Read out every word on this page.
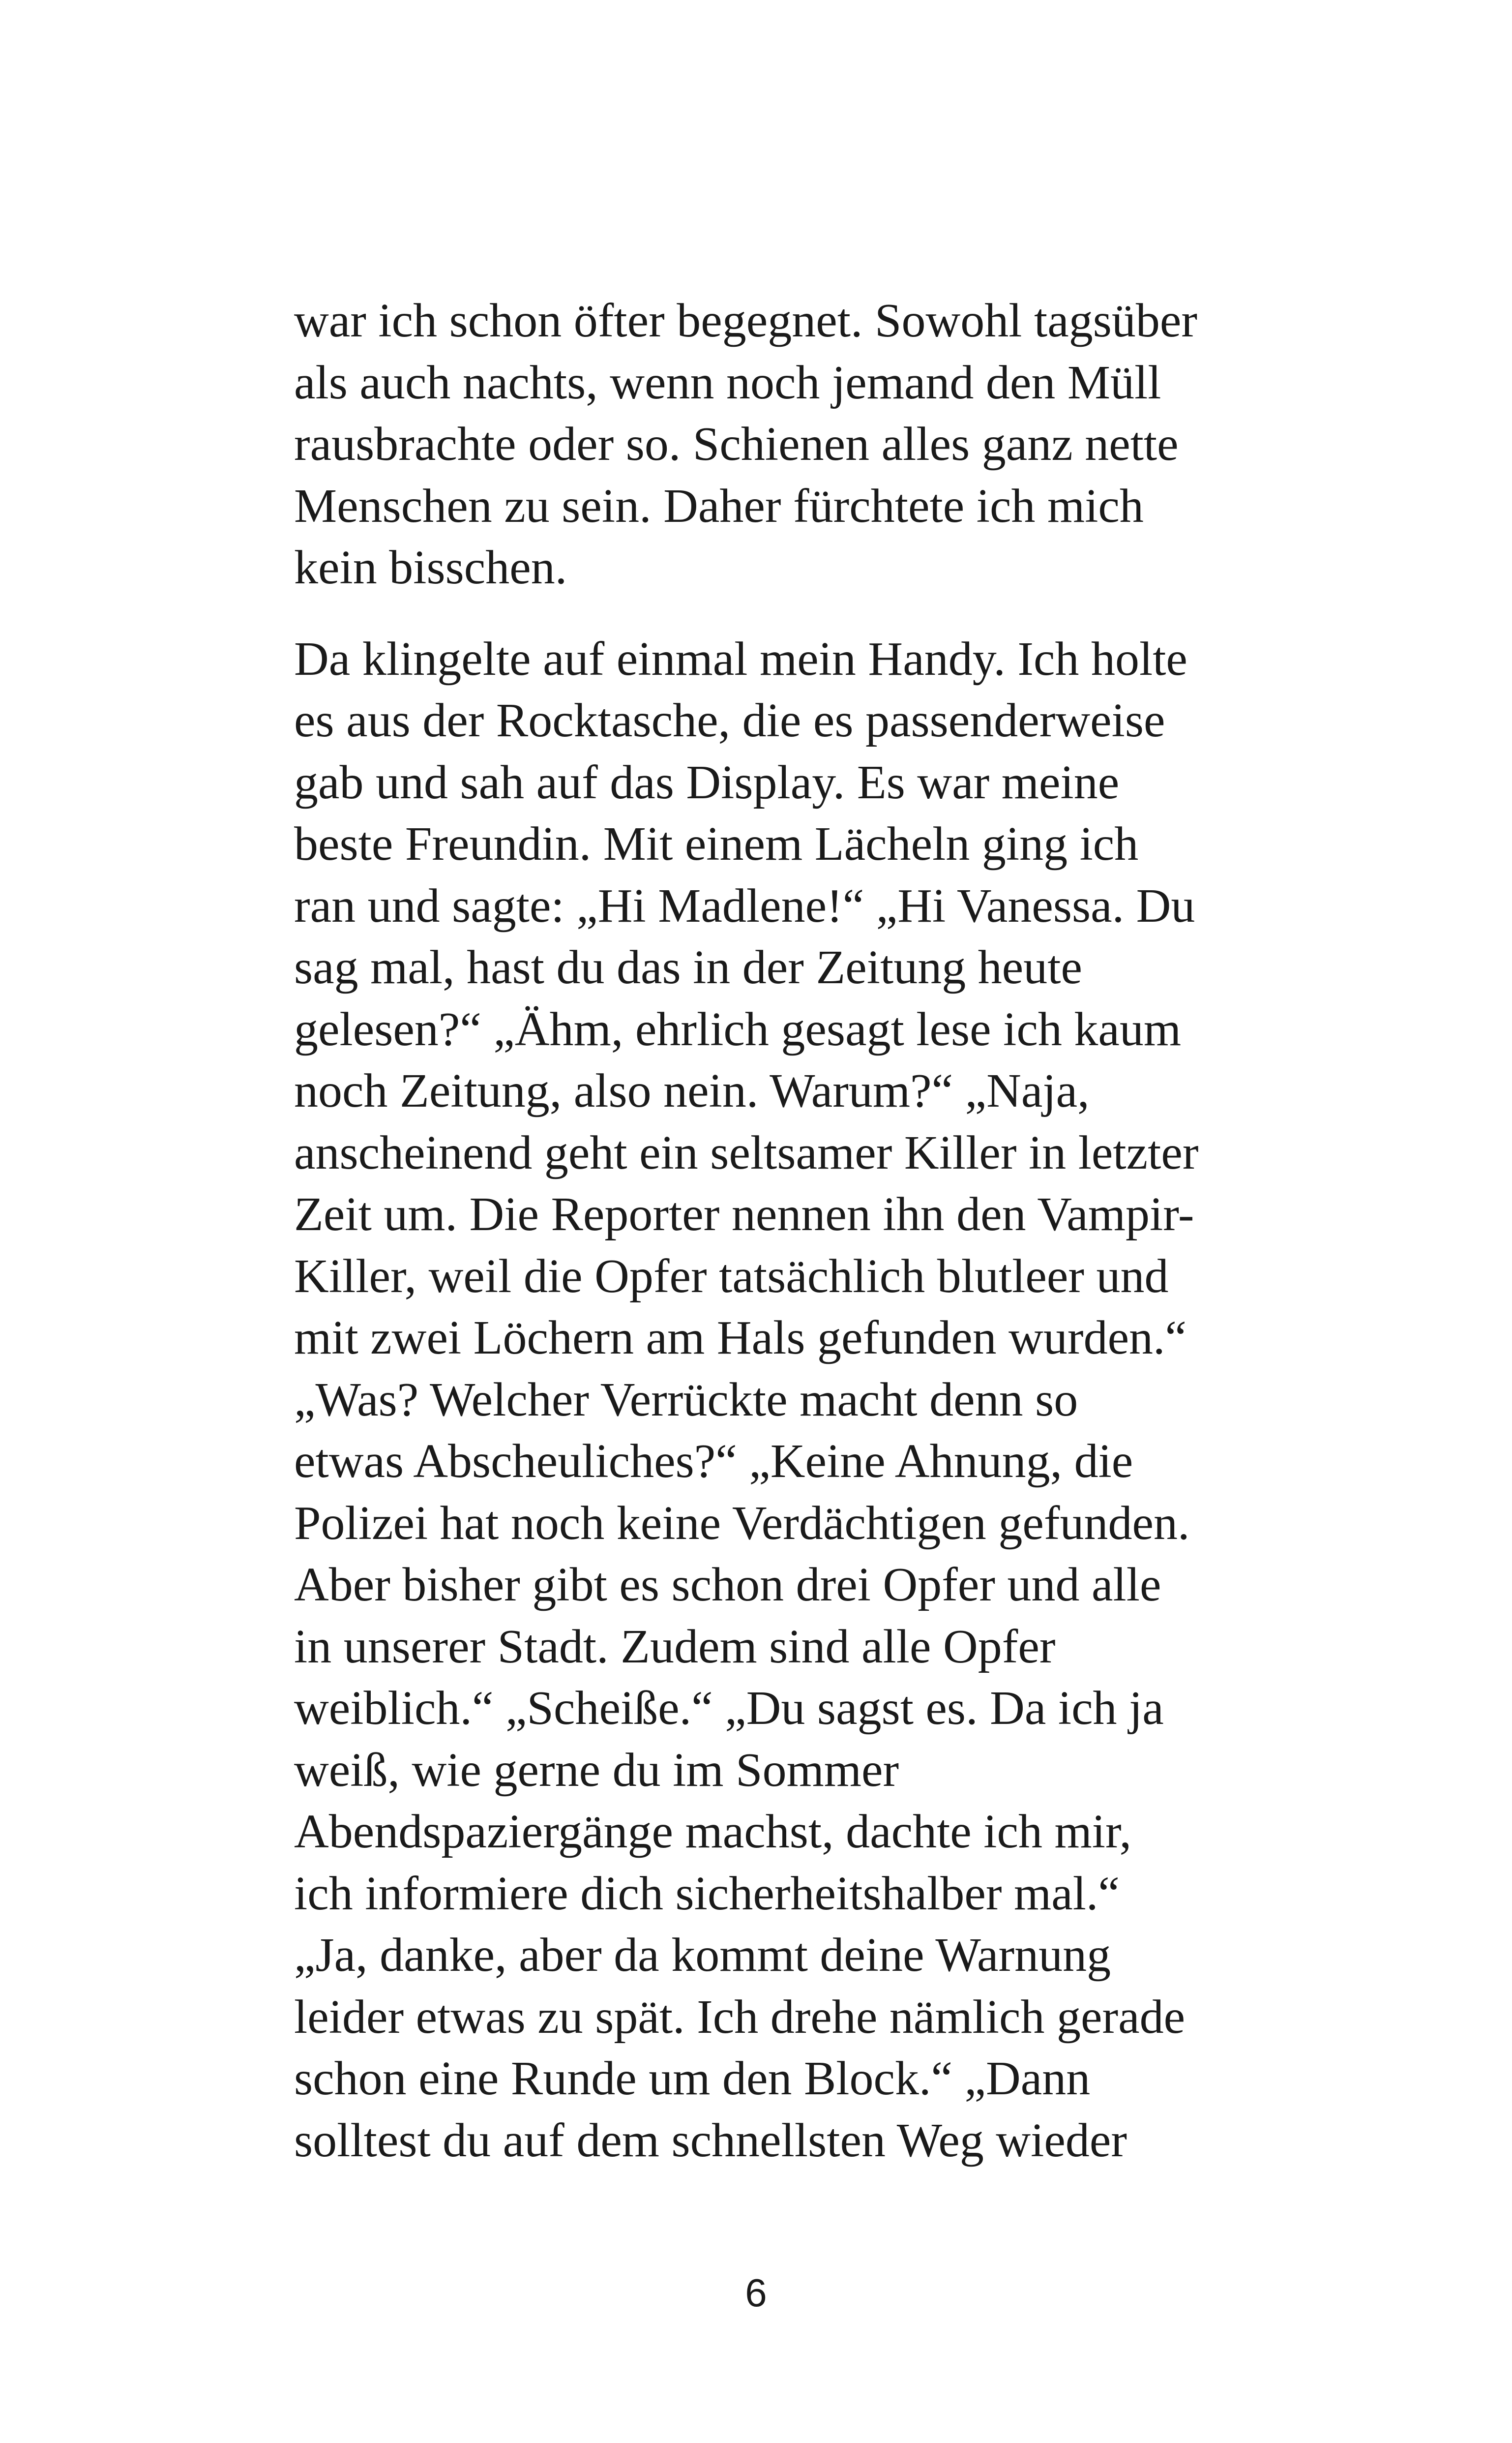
war ich schon öfter begegnet. Sowohl tagsüber
als auch nachts, wenn noch jemand den Müll
rausbrachte oder so. Schienen alles ganz nette
Menschen zu sein. Daher fürchtete ich mich
kein bisschen.

Da klingelte auf einmal mein Handy. Ich holte
es aus der Rocktasche, die es passenderweise
gab und sah auf das Display. Es war meine
beste Freundin. Mit einem Lächeln ging ich
ran und sagte: „Hi Madlene!“ „Hi Vanessa. Du
sag mal, hast du das in der Zeitung heute
gelesen?“ „Ähm, ehrlich gesagt lese ich kaum
noch Zeitung, also nein. Warum?“ „Naja,
anscheinend geht ein seltsamer Killer in letzter
Zeit um. Die Reporter nennen ihn den Vampir-
Killer, weil die Opfer tatsächlich blutleer und
mit zwei Löchern am Hals gefunden wurden.“
„Was? Welcher Verrückte macht denn so
etwas Abscheuliches?“ „Keine Ahnung, die
Polizei hat noch keine Verdächtigen gefunden.
Aber bisher gibt es schon drei Opfer und alle
in unserer Stadt. Zudem sind alle Opfer
weiblich.“ „Scheiße.“ „Du sagst es. Da ich ja
weiß, wie gerne du im Sommer
Abendspaziergänge machst, dachte ich mir,
ich informiere dich sicherheitshalber mal.“
„Ja, danke, aber da kommt deine Warnung
leider etwas zu spät. Ich drehe nämlich gerade
schon eine Runde um den Block.“ „Dann
solltest du auf dem schnellsten Weg wieder

6
